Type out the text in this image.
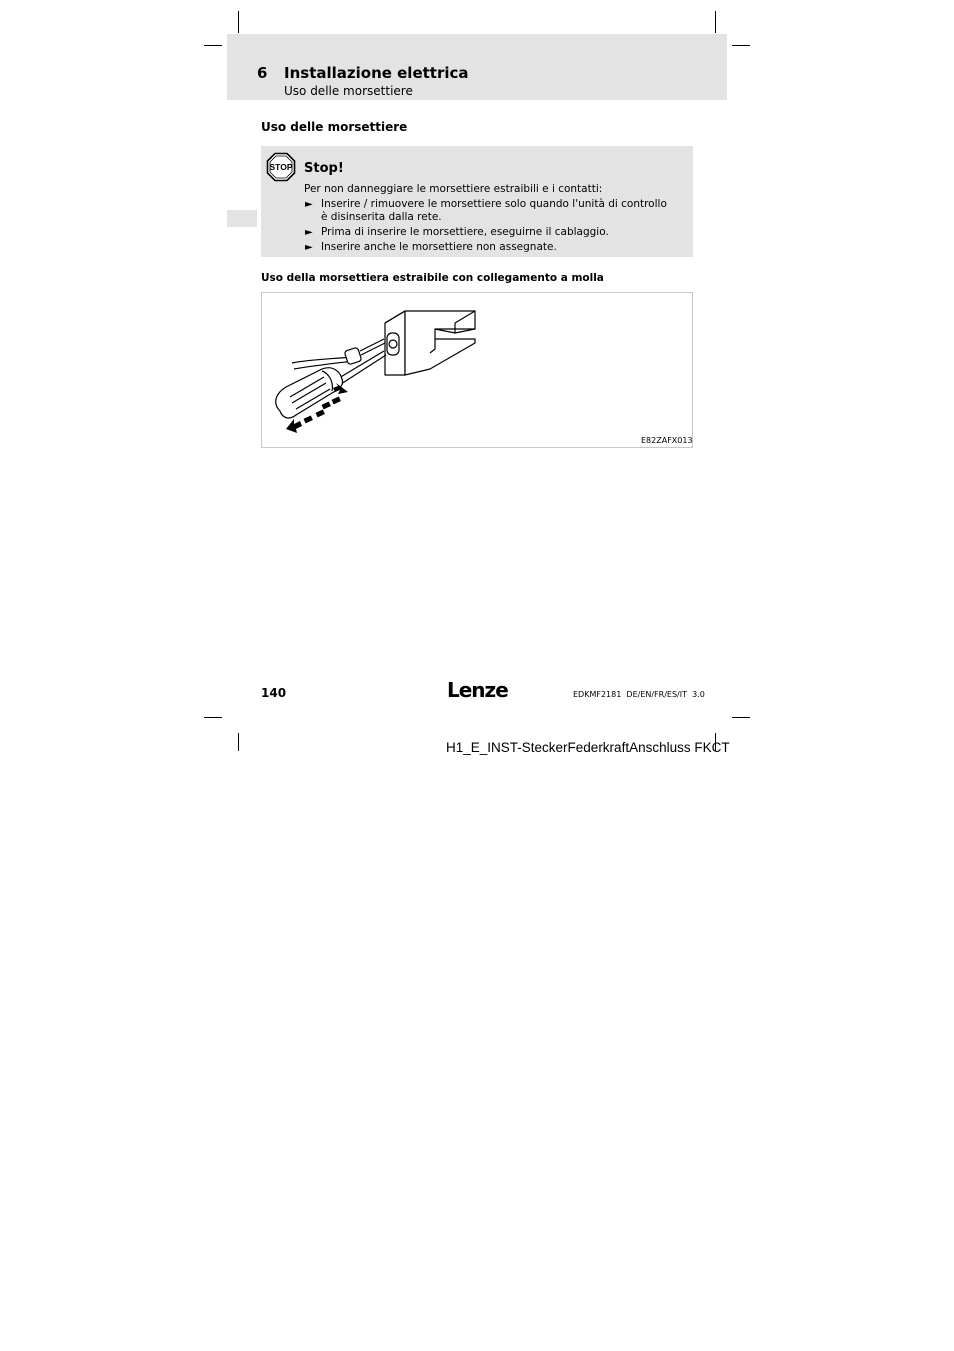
6 Installazione elettrica
Uso delle morsettiere
Uso delle morsettiere
STOP Stop!
Per non danneggiare le morsettiere estraibili e i contatti:
► Inserire / rimuovere le morsettiere solo quando l'unità di controllo è disinserita dalla rete.
► Prima di inserire le morsettiere, eseguirne il cablaggio.
► Inserire anche le morsettiere non assegnate.
Uso della morsettiera estraibile con collegamento a molla
E82ZAFX013
140	Lenze	EDKMF2181  DE/EN/FR/ES/IT  3.0
H1_E_INST-SteckerFederkraftAnschluss FKCT
